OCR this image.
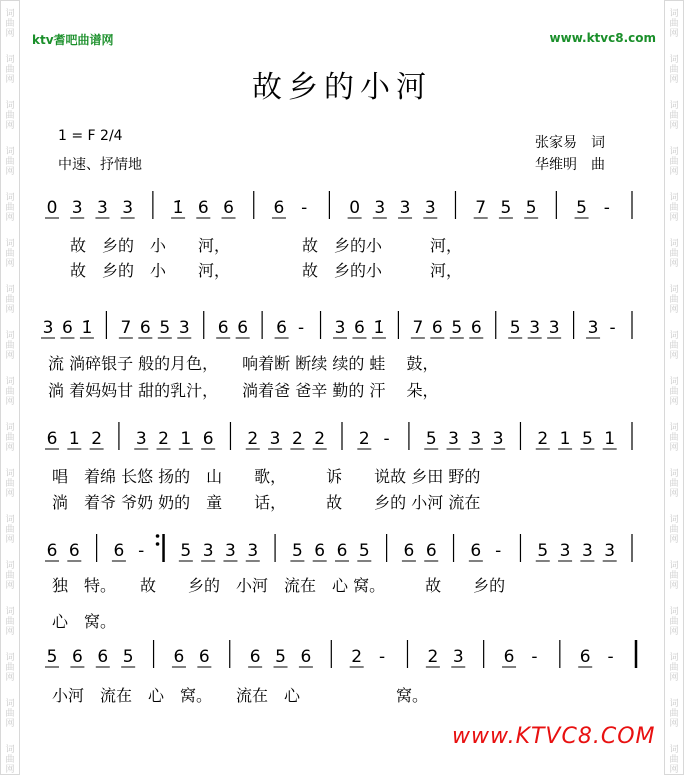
词
曲
网
词
曲
网
词
曲
网
词
曲
网
词
曲
网
词
曲
网
词
曲
网
词
曲
网
词
曲
网
词
曲
网
词
曲
网
词
曲
网
词
曲
网
词
曲
网
词
曲
网
词
曲
网
词
曲
网
词
曲
网
词
曲
网
词
曲
网
词
曲
网
词
曲
网
词
曲
网
词
曲
网
词
曲
网
词
曲
网
词
曲
网
词
曲
网
词
曲
网
词
曲
网
词
曲
网
词
曲
网
词
曲
网
词
曲
网
ktv耆吧曲谱网	www.ktvc8.com
故乡的小河
1 = F 2/4
中速、抒情地
张家易　词
华维明　曲
0 3 3 3 1̇ 6 6 6 - 0 3 3 3 7 5 5 5 -
3 6 1̇ 7 6 5 3 6 6 6 - 3 6 1̇ 7 6 5 6 5 3 3 3 -
6 1 2 3 2 1 6 2 3 2 2 2 - 5 3 3 3 2 1 5 1
6 6 6 - 5 3 3 3 5 6 6 5 6 6 6 - 5 3 3 3
5 6 6 5 6 6 6 5 6 2 - 2 3 6 - 6 -
故　乡的　小　　河，　　　　　故　乡的小　　　河，
故　乡的　小　　河，　　　　　故　乡的小　　　河，
流 淌碎银子 般的月色，　　响着断 断续 续的 蛙　 鼓，
淌 着妈妈甘 甜的乳汁，　　淌着爸 爸辛 勤的 汗　 朵，
唱　着绵 长悠 扬的　山　　歌，　　　诉　　说故 乡田 野的
淌　着爷 爷奶 奶的　童　　话，　　　故　　乡的 小河 流在
独　特。　　故　　乡的　小河　流在　心 窝。　　　故　　乡的
心　窝。
小河　流在　心　窝。　　流在　心　　　　　　窝。
www.KTVC8.COM
